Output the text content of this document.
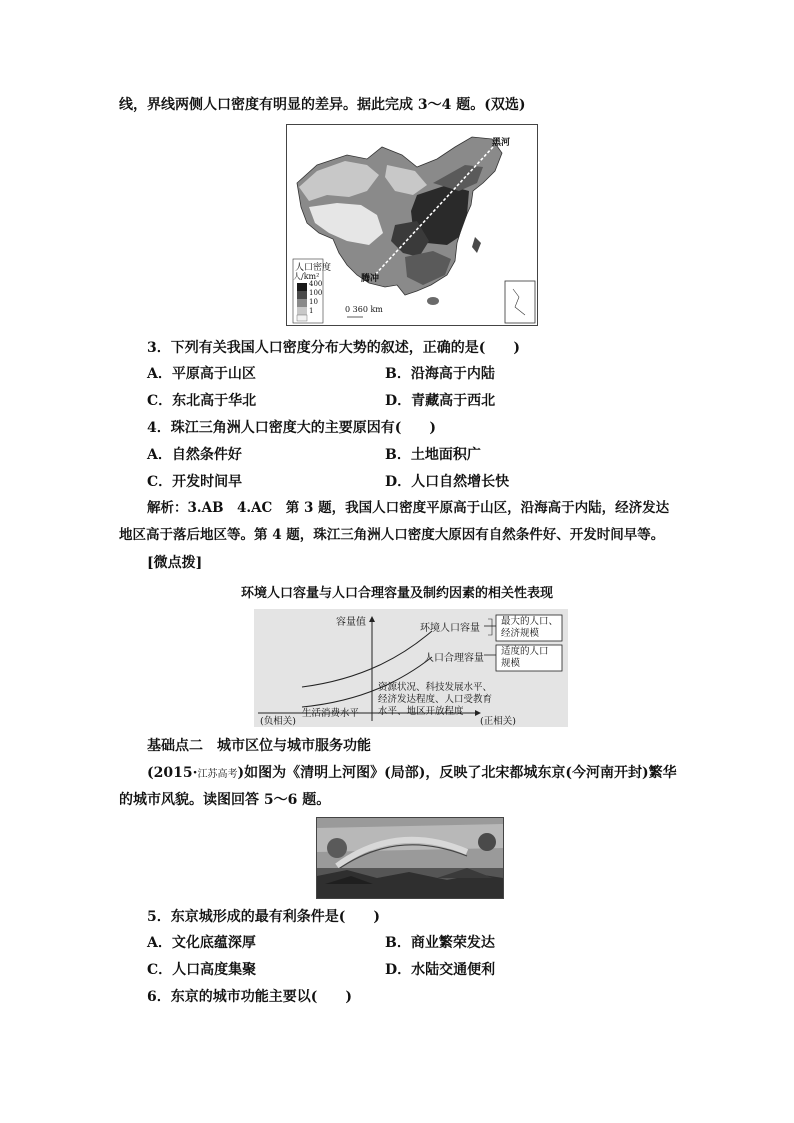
线，界线两侧人口密度有明显的差异。据此完成 3～4 题。(双选)
黑河
腾冲
广州
人口密度
人/km²
400
100
10
1	0 360 km
3．下列有关我国人口密度分布大势的叙述，正确的是(　　)
A．平原高于山区	B．沿海高于内陆
C．东北高于华北	D．青藏高于西北
4．珠江三角洲人口密度大的主要原因有(　　)
A．自然条件好	B．土地面积广
C．开发时间早	D．人口自然增长快
解析：3.AB　4.AC　第 3 题，我国人口密度平原高于山区，沿海高于内陆，经济发达
地区高于落后地区等。第 4 题，珠江三角洲人口密度大原因有自然条件好、开发时间早等。
[微点拨]
环境人口容量与人口合理容量及制约因素的相关性表现
容量值
环境人口容量
最大的人口、
经济规模
人口合理容量
适度的人口
规模
资源状况、科技发展水平、
经济发达程度、人口受教育
水平、地区开放程度
生活消费水平
(负相关)	(正相关)
基础点二　城市区位与城市服务功能
(2015·江苏高考)如图为《清明上河图》(局部)，反映了北宋都城东京(今河南开封)繁华
的城市风貌。读图回答 5～6 题。
5．东京城形成的最有利条件是(　　)
A．文化底蕴深厚	B．商业繁荣发达
C．人口高度集聚	D．水陆交通便利
6．东京的城市功能主要以(　　)
